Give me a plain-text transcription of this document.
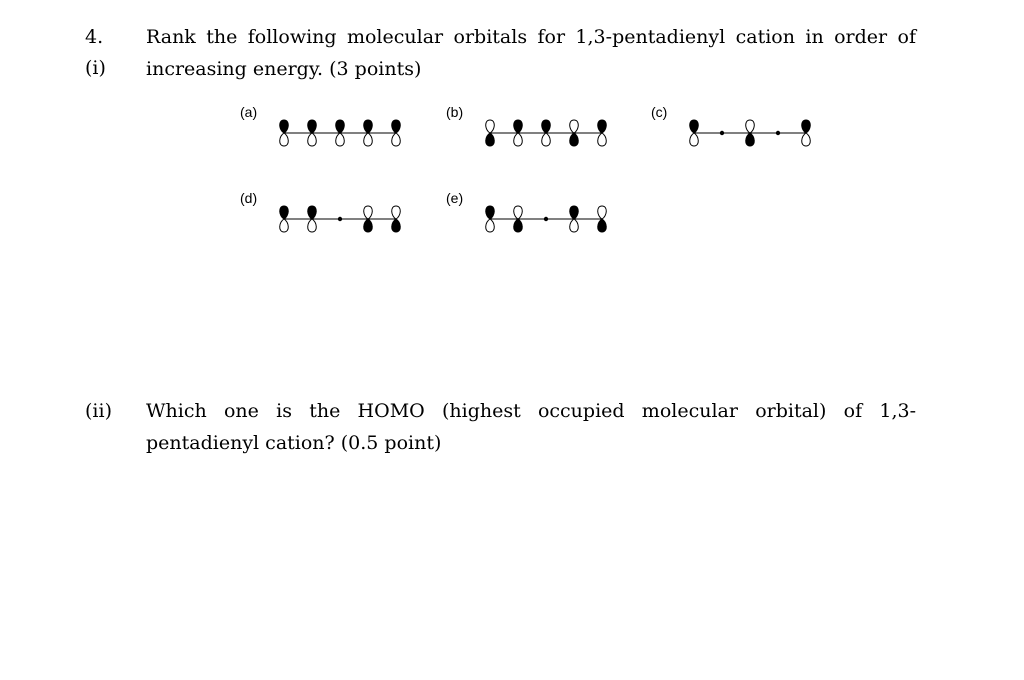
4.
(i)
Rank the following molecular orbitals for 1,3-pentadienyl cation in order of
increasing energy. (3 points)
(a)	(b)	(c)
(d)	(e)
(ii) Which one is the HOMO (highest occupied molecular orbital) of 1,3-
pentadienyl cation? (0.5 point)
